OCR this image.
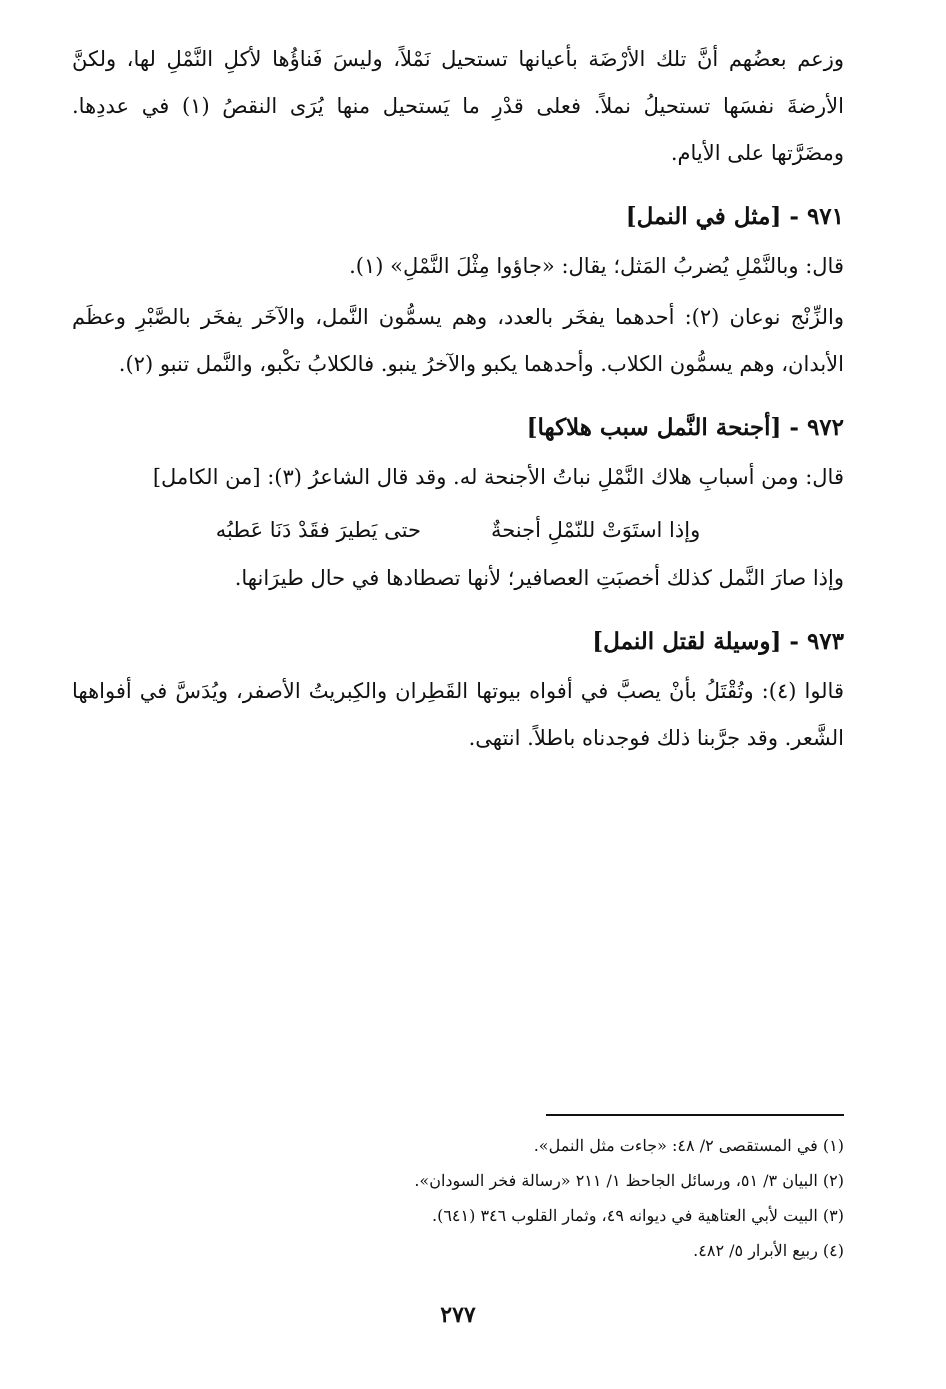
وزعم بعضُهم أنَّ تلك الأرْضَة بأعيانها تستحيل نَمْلاً، وليسَ فَناؤُها لأكلِ النَّمْلِ لها، ولكنَّ الأرضةَ نفسَها تستحيلُ نملاً. فعلى قدْرِ ما يَستحيل منها يُرَى النقصُ (١) في عددِها. ومضَرَّتها على الأيام.

٩٧١ - [مثل في النمل]

قال: وبالنَّمْلِ يُضربُ المَثل؛ يقال: «جاؤوا مِثْلَ النَّمْلِ» (١).

والزِّنْج نوعان (٢): أحدهما يفخَر بالعدد، وهم يسمُّون النَّمل، والآخَر يفخَر بالصَّبْرِ وعظَم الأبدان، وهم يسمُّون الكلاب. وأحدهما يكبو والآخرُ ينبو. فالكلابُ تكْبو، والنَّمل تنبو (٢).

٩٧٢ - [أجنحة النَّمل سبب هلاكها]

قال: ومن أسبابِ هلاك النَّمْلِ نباتُ الأجنحة له. وقد قال الشاعرُ (٣): [من الكامل]

وإذا استَوَتْ للنّمْلِ أجنحةٌ
حتى يَطيرَ فقَدْ دَنَا عَطبُه

وإذا صارَ النَّمل كذلك أخصبَتِ العصافير؛ لأنها تصطادها في حال طيرَانها.

٩٧٣ - [وسيلة لقتل النمل]

قالوا (٤): وتُقْتَلُ بأنْ يصبَّ في أفواه بيوتها القَطِران والكِبريتُ الأصفر، ويُدَسَّ في أفواهها الشَّعر. وقد جرَّبنا ذلك فوجدناه باطلاً. انتهى.

(١) في المستقصى ٢/ ٤٨: «جاءت مثل النمل».
(٢) البيان ٣/ ٥١، ورسائل الجاحظ ١/ ٢١١ «رسالة فخر السودان».
(٣) البيت لأبي العتاهية في ديوانه ٤٩، وثمار القلوب ٣٤٦ (٦٤١).
(٤) ربيع الأبرار ٥/ ٤٨٢.
٢٧٧
